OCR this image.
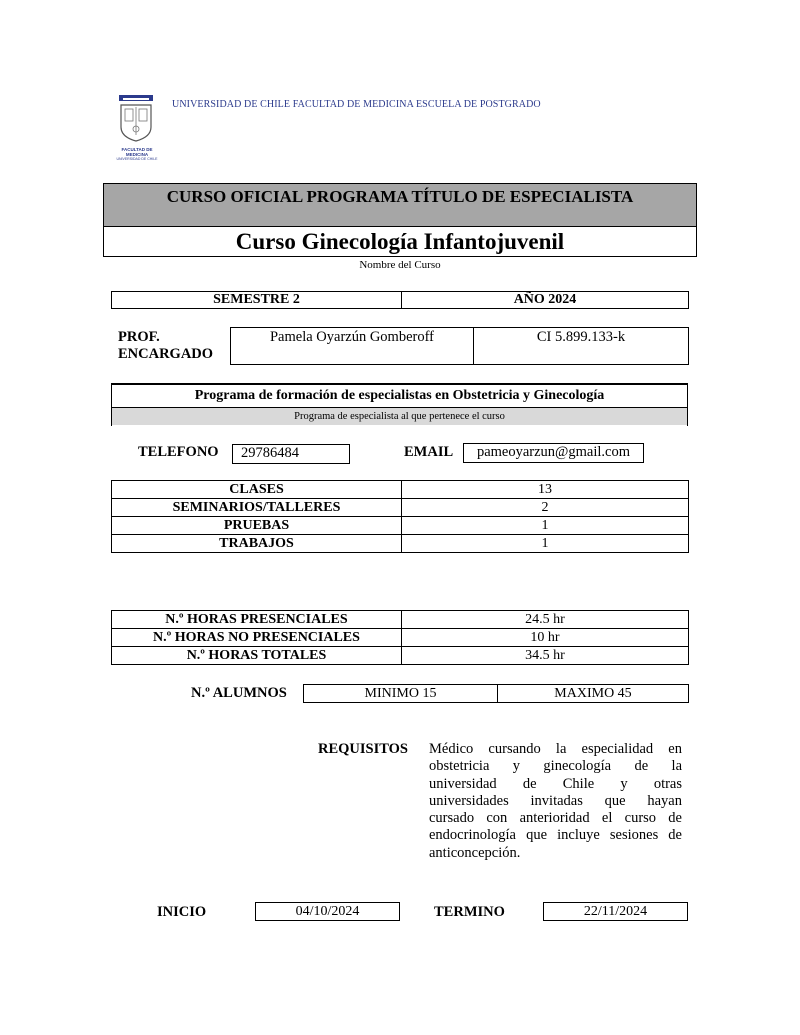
FACULTAD DE MEDICINA
UNIVERSIDAD DE CHILE
UNIVERSIDAD DE CHILE FACULTAD DE MEDICINA ESCUELA DE POSTGRADO
CURSO OFICIAL PROGRAMA TÍTULO DE ESPECIALISTA
Curso Ginecología Infantojuvenil
Nombre del Curso
SEMESTRE 2	AÑO 2024
PROF.
ENCARGADO
Pamela Oyarzún Gomberoff	CI 5.899.133-k
Programa de formación de especialistas en Obstetricia y Ginecología
Programa de especialista al que pertenece el curso
TELEFONO	29786484	EMAIL	pameoyarzun@gmail.com
CLASES	13
SEMINARIOS/TALLERES	2
PRUEBAS	1
TRABAJOS	1
N.º HORAS PRESENCIALES	24.5 hr
N.º HORAS NO PRESENCIALES	10 hr
N.º HORAS TOTALES	34.5 hr
N.º ALUMNOS	MINIMO 15	MAXIMO 45
REQUISITOS Médico cursando la especialidad en
obstetricia y ginecología de la
universidad de Chile y otras
universidades invitadas que hayan
cursado con anterioridad el curso de
endocrinología que incluye sesiones de
anticoncepción.
INICIO	04/10/2024	TERMINO	22/11/2024
